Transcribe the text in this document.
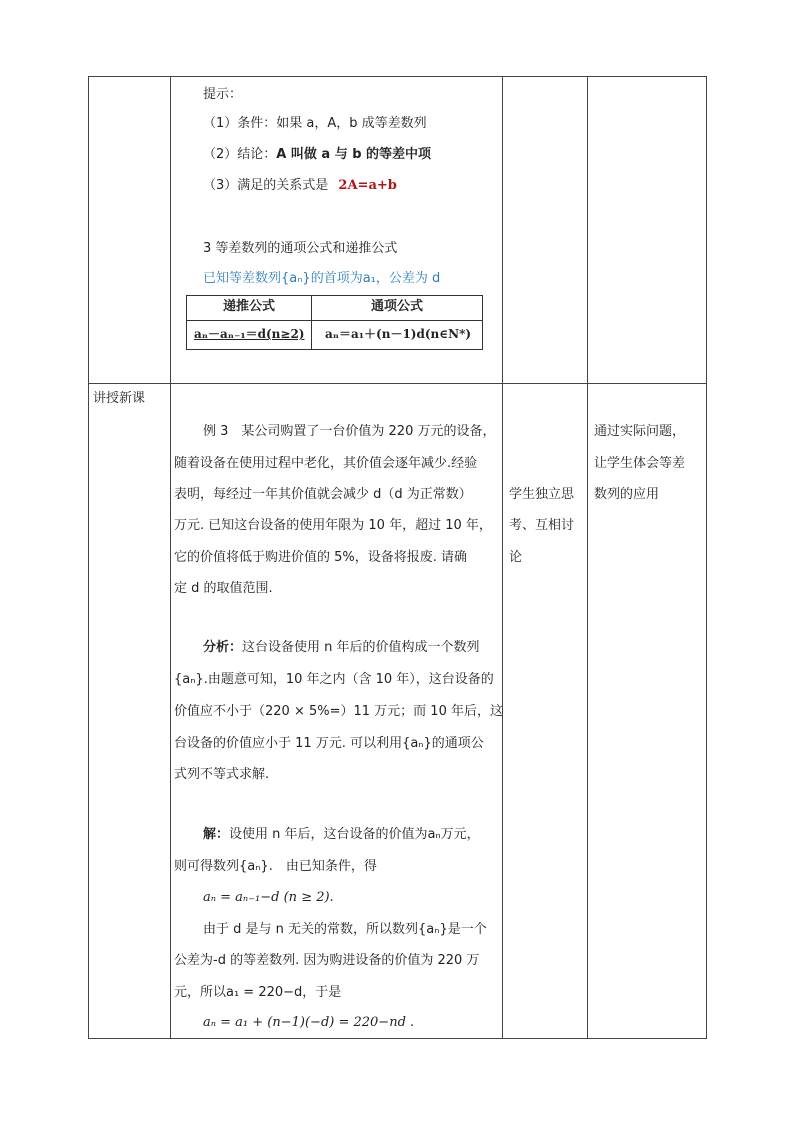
提示：
（1）条件：如果 a，A，b 成等差数列
（2）结论：A 叫做 a 与 b 的等差中项
（3）满足的关系式是 2A=a+b
3 等差数列的通项公式和递推公式
已知等差数列{aₙ}的首项为a₁，公差为 d
递推公式	通项公式
aₙ－aₙ₋₁＝d(n≥2) aₙ＝a₁＋(n－1)d(n∈N*)
讲授新课
例 3　某公司购置了一台价值为 220 万元的设备，
随着设备在使用过程中老化，其价值会逐年减少.经验
表明，每经过一年其价值就会减少 d（d 为正常数）
万元. 已知这台设备的使用年限为 10 年，超过 10 年，
它的价值将低于购进价值的 5%，设备将报废. 请确
定 d 的取值范围.
分析：这台设备使用 n 年后的价值构成一个数列
{aₙ}.由题意可知，10 年之内（含 10 年），这台设备的
价值应不小于（220 × 5%=）11 万元；而 10 年后，这
台设备的价值应小于 11 万元. 可以利用{aₙ}的通项公
式列不等式求解.
解：设使用 n 年后，这台设备的价值为aₙ万元，
则可得数列{aₙ}.　由已知条件，得
aₙ = aₙ₋₁−d (n ≥ 2).
由于 d 是与 n 无关的常数，所以数列{aₙ}是一个
公差为-d 的等差数列. 因为购进设备的价值为 220 万
元，所以a₁ = 220−d，于是
aₙ = a₁ + (n−1)(−d) = 220−nd .
学生独立思
考、互相讨
论
通过实际问题，
让学生体会等差
数列的应用
